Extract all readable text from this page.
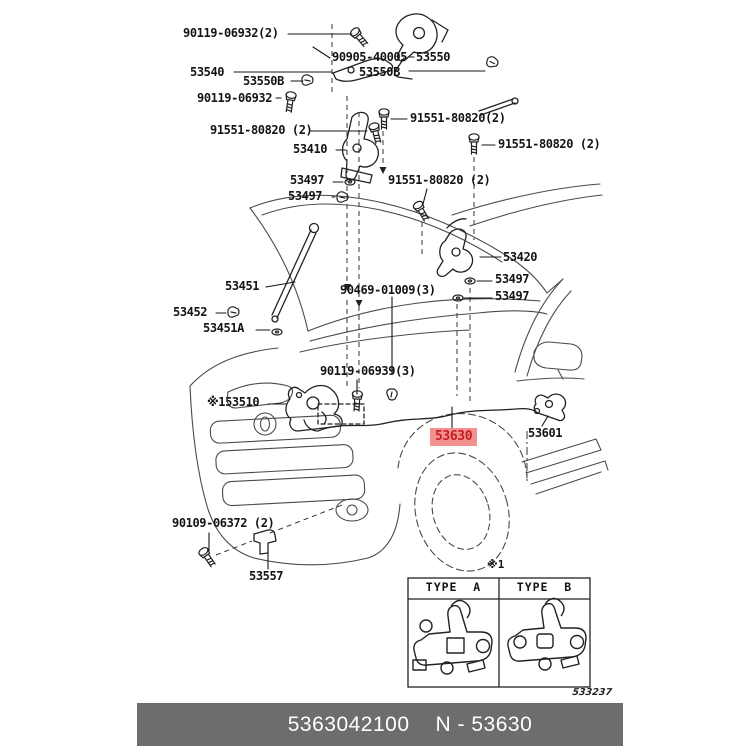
90119-06932(2)
90905-40005 53550
53540	53550B
53550B
90119-06932
91551-80820(2)
91551-80820 (2)
91551-80820 (2)
53410
91551-80820 (2)
53497
53497
53420
53497
53497
53451	90469-01009(3)
53452
53451A
90119-06939(3)
※153510
53601
90109-06372 (2)
53557
53630
※1
TYPE  A	TYPE  B
533237
5363042100 N - 53630
